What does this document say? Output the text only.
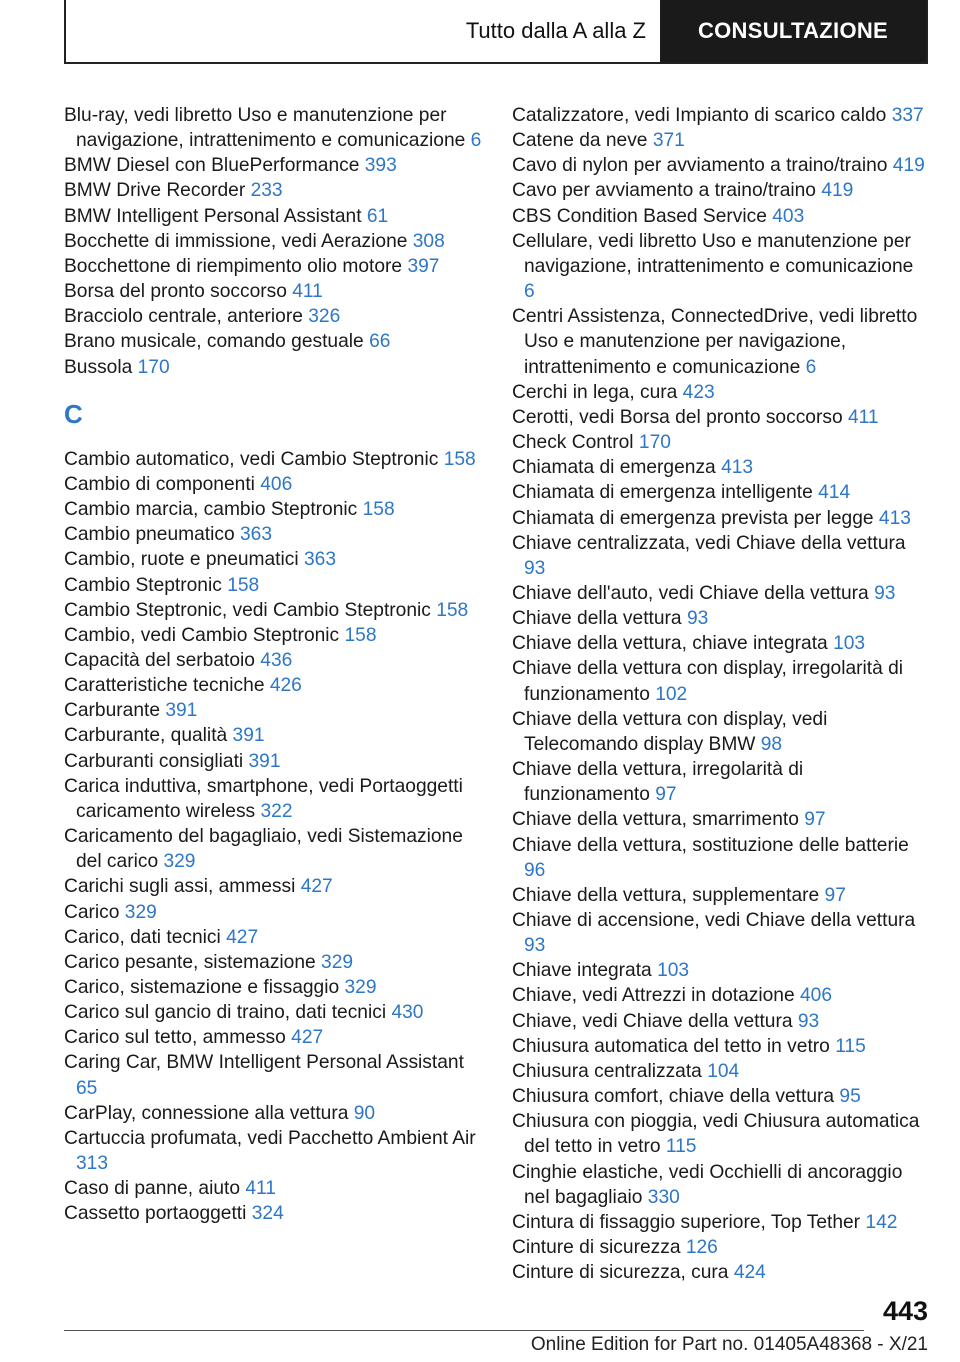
Tutto dalla A alla Z	CONSULTAZIONE
Blu-ray, vedi libretto Uso e manutenzione per navigazione, intrattenimento e comunicazione 6
BMW Diesel con BluePerformance 393
BMW Drive Recorder 233
BMW Intelligent Personal Assistant 61
Bocchette di immissione, vedi Aerazione 308
Bocchettone di riempimento olio motore 397
Borsa del pronto soccorso 411
Bracciolo centrale, anteriore 326
Brano musicale, comando gestuale 66
Bussola 170
C
Cambio automatico, vedi Cambio Steptronic 158
Cambio di componenti 406
Cambio marcia, cambio Steptronic 158
Cambio pneumatico 363
Cambio, ruote e pneumatici 363
Cambio Steptronic 158
Cambio Steptronic, vedi Cambio Steptronic 158
Cambio, vedi Cambio Steptronic 158
Capacità del serbatoio 436
Caratteristiche tecniche 426
Carburante 391
Carburante, qualità 391
Carburanti consigliati 391
Carica induttiva, smartphone, vedi Portaoggetti caricamento wireless 322
Caricamento del bagagliaio, vedi Sistemazione del carico 329
Carichi sugli assi, ammessi 427
Carico 329
Carico, dati tecnici 427
Carico pesante, sistemazione 329
Carico, sistemazione e fissaggio 329
Carico sul gancio di traino, dati tecnici 430
Carico sul tetto, ammesso 427
Caring Car, BMW Intelligent Personal Assistant 65
CarPlay, connessione alla vettura 90
Cartuccia profumata, vedi Pacchetto Ambient Air 313
Caso di panne, aiuto 411
Cassetto portaoggetti 324
Catalizzatore, vedi Impianto di scarico caldo 337
Catene da neve 371
Cavo di nylon per avviamento a traino/traino 419
Cavo per avviamento a traino/traino 419
CBS Condition Based Service 403
Cellulare, vedi libretto Uso e manutenzione per navigazione, intrattenimento e comunicazione 6
Centri Assistenza, ConnectedDrive, vedi libretto Uso e manutenzione per navigazione, intrattenimento e comunicazione 6
Cerchi in lega, cura 423
Cerotti, vedi Borsa del pronto soccorso 411
Check Control 170
Chiamata di emergenza 413
Chiamata di emergenza intelligente 414
Chiamata di emergenza prevista per legge 413
Chiave centralizzata, vedi Chiave della vettura 93
Chiave dell'auto, vedi Chiave della vettura 93
Chiave della vettura 93
Chiave della vettura, chiave integrata 103
Chiave della vettura con display, irregolarità di funzionamento 102
Chiave della vettura con display, vedi Telecomando display BMW 98
Chiave della vettura, irregolarità di funzionamento 97
Chiave della vettura, smarrimento 97
Chiave della vettura, sostituzione delle batterie 96
Chiave della vettura, supplementare 97
Chiave di accensione, vedi Chiave della vettura 93
Chiave integrata 103
Chiave, vedi Attrezzi in dotazione 406
Chiave, vedi Chiave della vettura 93
Chiusura automatica del tetto in vetro 115
Chiusura centralizzata 104
Chiusura comfort, chiave della vettura 95
Chiusura con pioggia, vedi Chiusura automatica del tetto in vetro 115
Cinghie elastiche, vedi Occhielli di ancoraggio nel bagagliaio 330
Cintura di fissaggio superiore, Top Tether 142
Cinture di sicurezza 126
Cinture di sicurezza, cura 424
443
Online Edition for Part no. 01405A48368 - X/21
